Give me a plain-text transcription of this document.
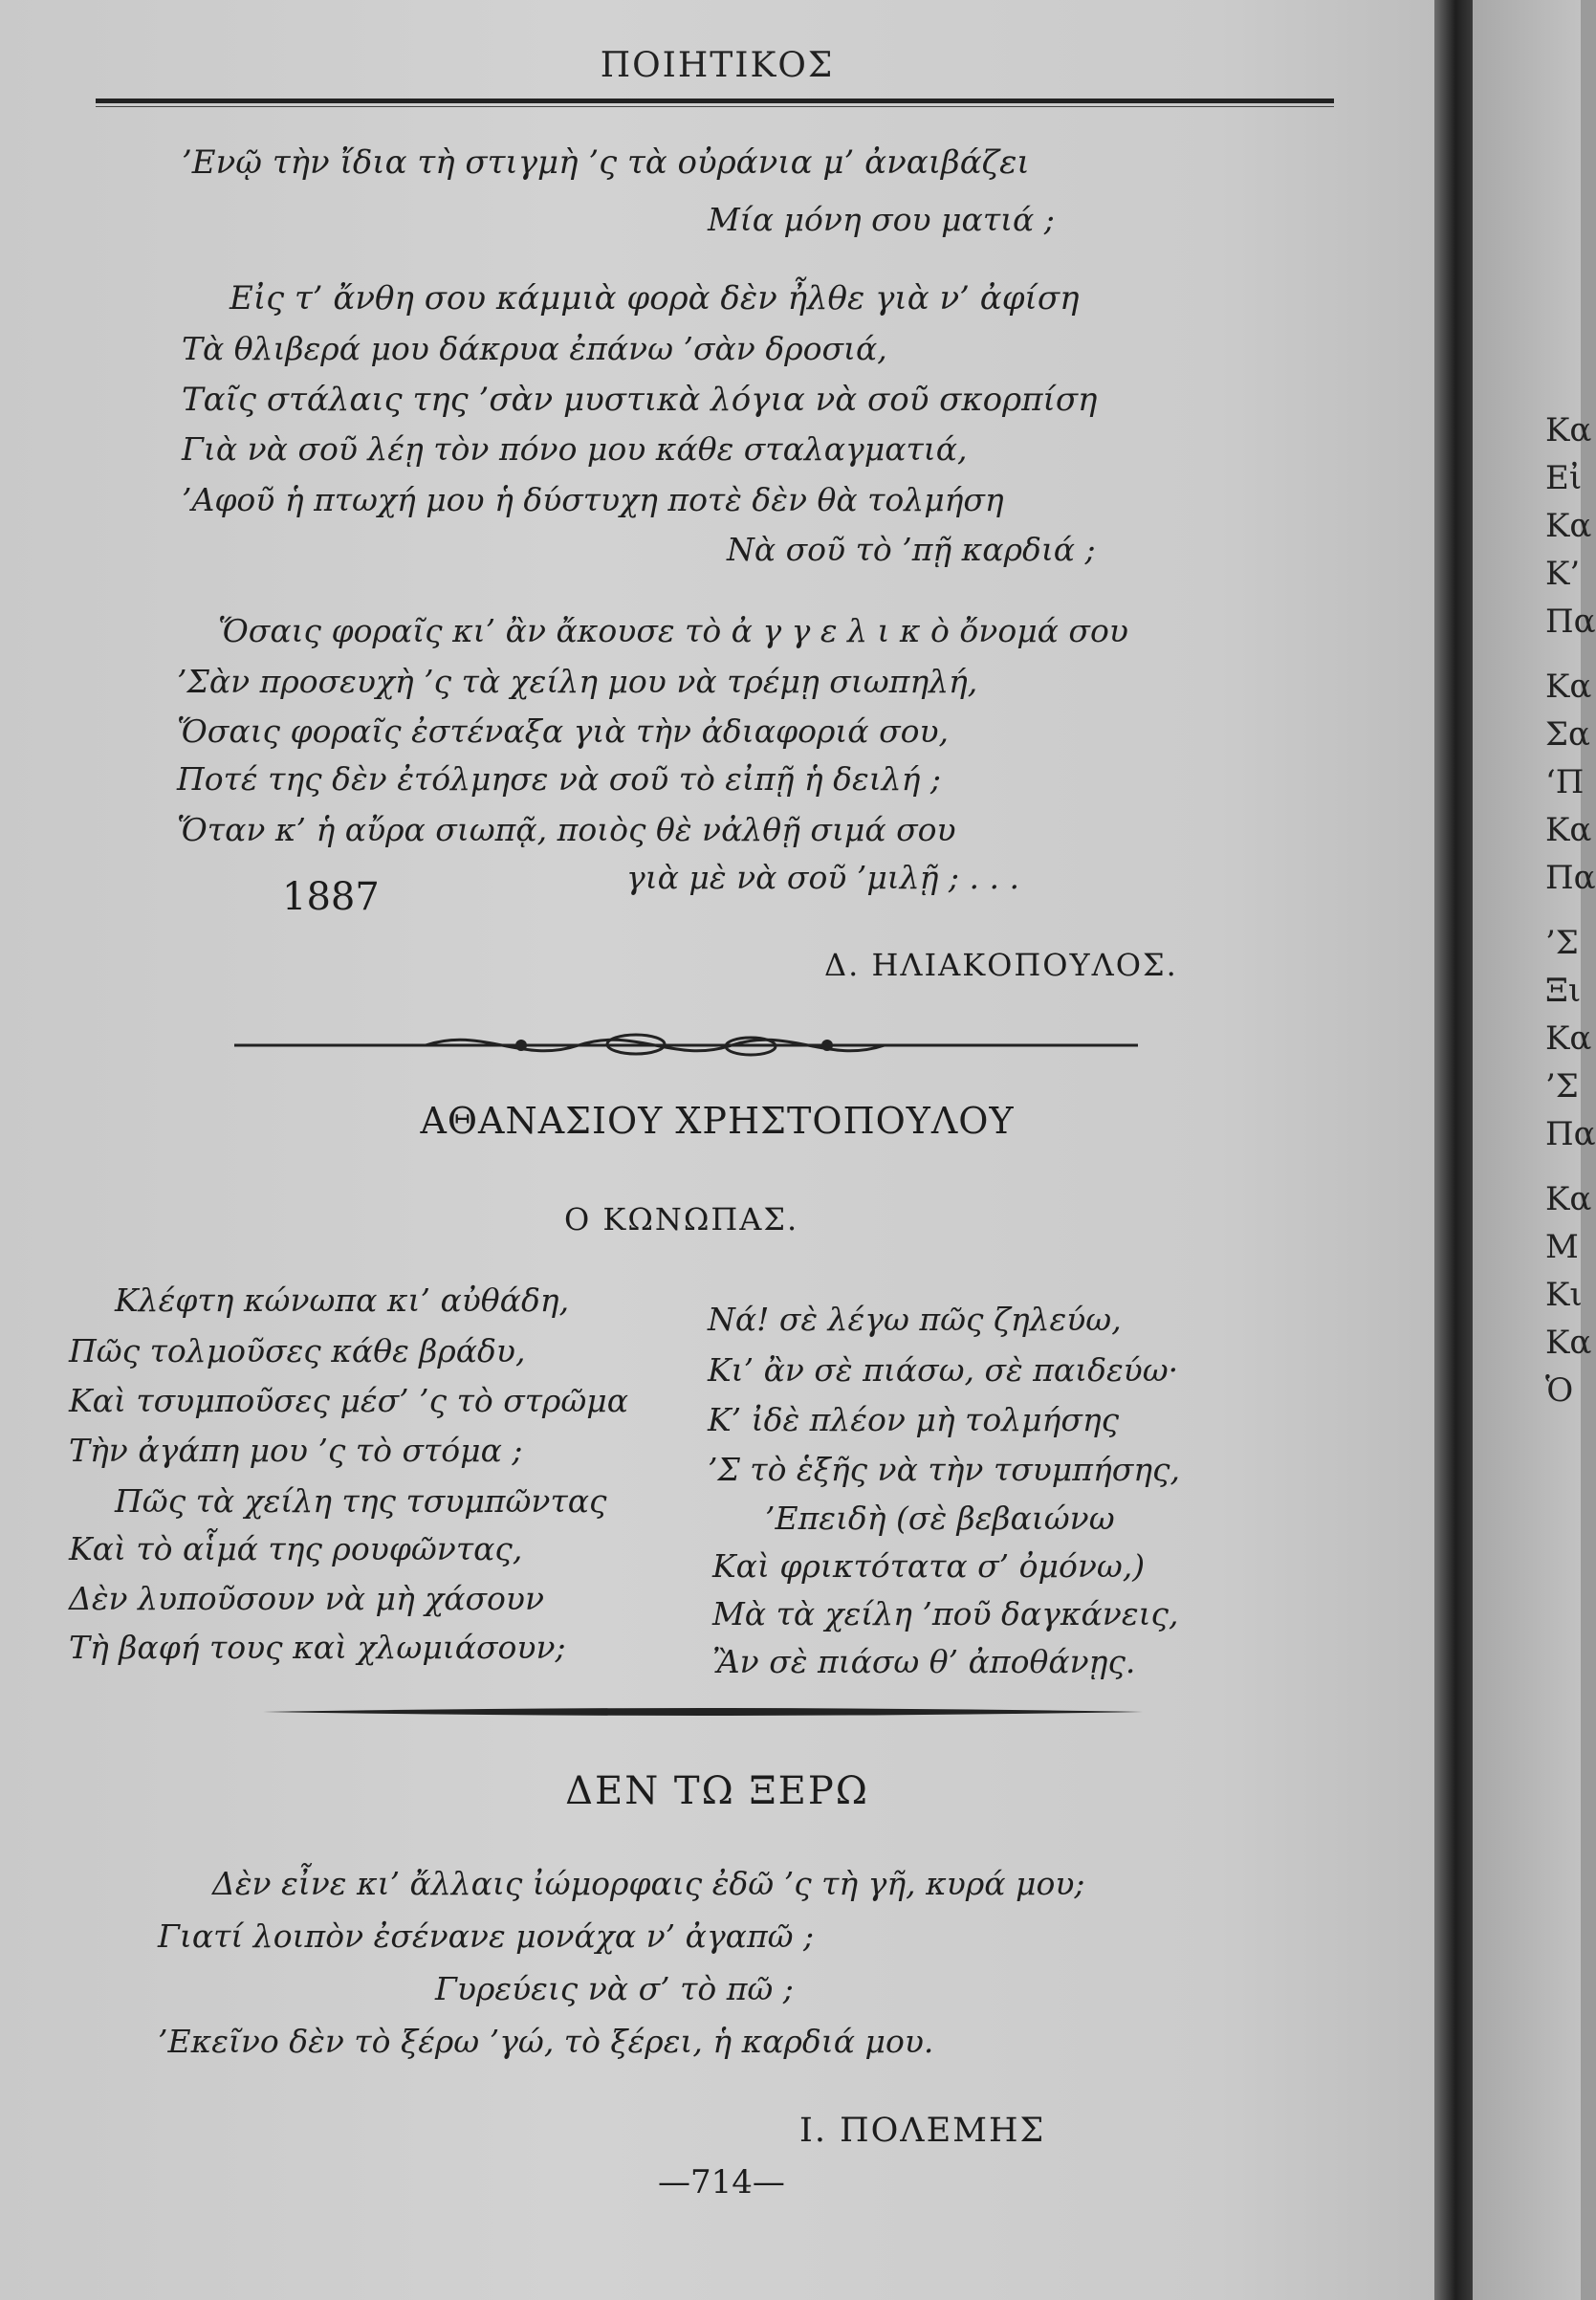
ΠΟΙΗΤΙΚΟΣ
’Ενῷ τὴν ἴδια τὴ στιγμὴ ’ς τὰ οὐράνια μ’ ἀναιβάζει
Μία μόνη σου ματιά ;
Εἰς τ’ ἄνθη σου κάμμιὰ φορὰ δὲν ἦλθε γιὰ ν’ ἀφίση
Τὰ θλιβερά μου δάκρυα ἐπάνω ’σὰν δροσιά,
Ταῖς στάλαις της ’σὰν μυστικὰ λόγια νὰ σοῦ σκορπίση
Γιὰ νὰ σοῦ λέῃ τὸν πόνο μου κάθε σταλαγματιά,
’Αφοῦ ἡ πτωχή μου ἡ δύστυχη ποτὲ δὲν θὰ τολμήση
Νὰ σοῦ τὸ ’πῇ καρδιά ;
Ὅσαις φοραῖς κι’ ἂν ἄκουσε τὸ ἀ γ γ ε λ ι κ ὸ ὄνομά σου
’Σὰν προσευχὴ ’ς τὰ χείλη μου νὰ τρέμῃ σιωπηλή,
Ὅσαις φοραῖς ἐστέναξα γιὰ τὴν ἀδιαφοριά σου,
Ποτέ της δὲν ἐτόλμησε νὰ σοῦ τὸ εἰπῇ ἡ δειλή ;
Ὅταν κ’ ἡ αὔρα σιωπᾷ, ποιὸς θὲ νἀλθῇ σιμά σου
γιὰ μὲ νὰ σοῦ ’μιλῇ ; . . .
1887
Δ. ΗΛΙΑΚΟΠΟΥΛΟΣ.
ΑΘΑΝΑΣΙΟΥ ΧΡΗΣΤΟΠΟΥΛΟΥ
Ο ΚΩΝΩΠΑΣ.
Κλέφτη κώνωπα κι’ αὐθάδη,
Πῶς τολμοῦσες κάθε βράδυ,
Καὶ τσυμποῦσες μέσ’ ’ς τὸ στρῶμα
Τὴν ἀγάπη μου ’ς τὸ στόμα ;
Πῶς τὰ χείλη της τσυμπῶντας
Καὶ τὸ αἷμά της ρουφῶντας,
Δὲν λυποῦσουν νὰ μὴ χάσουν
Τὴ βαφή τους καὶ χλωμιάσουν;
Νά! σὲ λέγω πῶς ζηλεύω,
Κι’ ἂν σὲ πιάσω, σὲ παιδεύω·
Κ’ ἰδὲ πλέον μὴ τολμήσης
’Σ τὸ ἑξῆς νὰ τὴν τσυμπήσης,
’Επειδὴ (σὲ βεβαιώνω
Καὶ φρικτότατα σ’ ὀμόνω,)
Μὰ τὰ χείλη ’ποῦ δαγκάνεις,
Ἂν σὲ πιάσω θ’ ἀποθάνῃς.
ΔΕΝ ΤΩ ΞΕΡΩ
Δὲν εἶνε κι’ ἄλλαις ἰώμορφαις ἐδῶ ’ς τὴ γῆ, κυρά μου;
Γιατί λοιπὸν ἐσένανε μονάχα ν’ ἀγαπῶ ;
Γυρεύεις νὰ σ’ τὸ πῶ ;
’Εκεῖνο δὲν τὸ ξέρω ’γώ, τὸ ξέρει, ἡ καρδιά μου.
Ι. ΠΟΛΕΜΗΣ
—714—
Κα
Εἰ
Κα
Κ’
Πα
Κα
Σα
‘Π
Κα
Πα
’Σ
Ξι
Κα
’Σ
Πα
Κα
Μ
Κι
Κα
Ὁ
